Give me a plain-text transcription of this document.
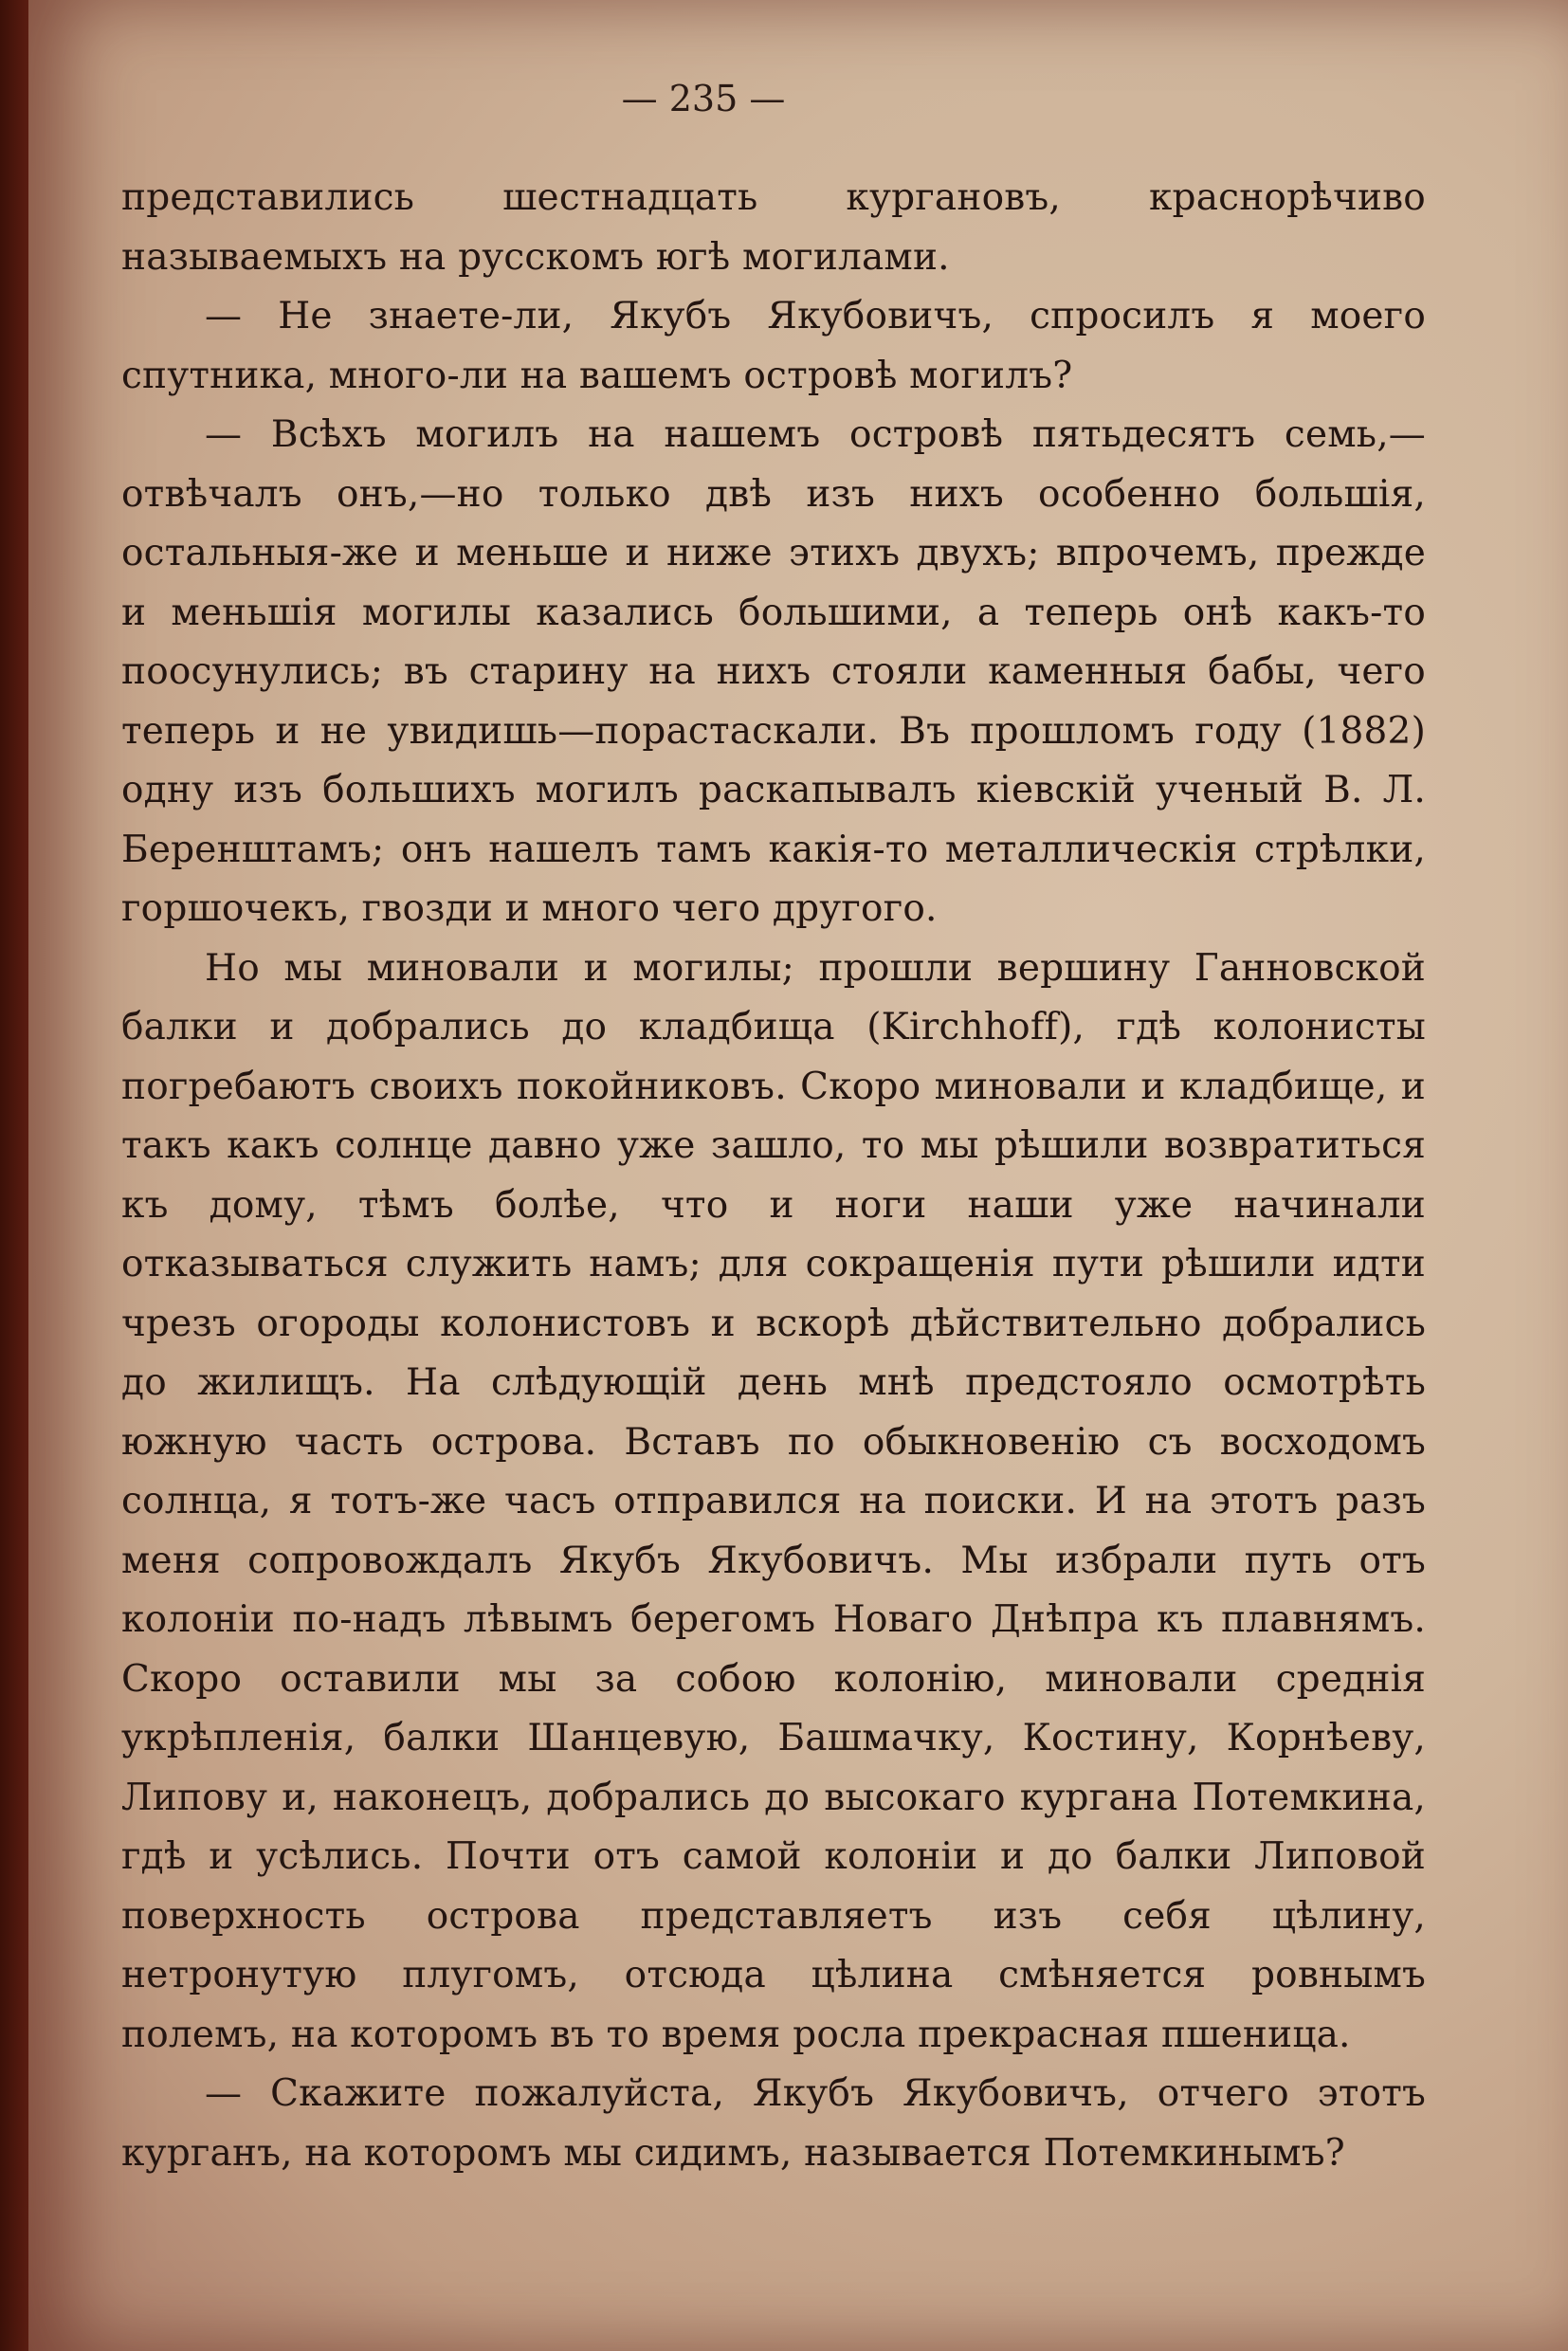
— 235 —

представились шестнадцать кургановъ, краснорѣчиво называемыхъ на русскомъ югѣ могилами.

— Не знаете-ли, Якубъ Якубовичъ, спросилъ я моего спутника, много-ли на вашемъ островѣ могилъ?

— Всѣхъ могилъ на нашемъ островѣ пятьдесятъ семь,—отвѣчалъ онъ,—но только двѣ изъ нихъ особенно большія, остальныя-же и меньше и ниже этихъ двухъ; впрочемъ, прежде и меньшія могилы казались большими, а теперь онѣ какъ-то поосунулись; въ старину на нихъ стояли каменныя бабы, чего теперь и не увидишь—порастаскали. Въ прошломъ году (1882) одну изъ большихъ могилъ раскапывалъ кіевскій ученый В. Л. Беренштамъ; онъ нашелъ тамъ какія-то металлическія стрѣлки, горшочекъ, гвозди и много чего другого.

Но мы миновали и могилы; прошли вершину Ганновской балки и добрались до кладбища (Kirchhoff), гдѣ колонисты погребаютъ своихъ покойниковъ. Скоро миновали и кладбище, и такъ какъ солнце давно уже зашло, то мы рѣшили возвратиться къ дому, тѣмъ болѣе, что и ноги наши уже начинали отказываться служить намъ; для сокращенія пути рѣшили идти чрезъ огороды колонистовъ и вскорѣ дѣйствительно добрались до жилищъ. На слѣдующій день мнѣ предстояло осмотрѣть южную часть острова. Вставъ по обыкновенію съ восходомъ солнца, я тотъ-же часъ отправился на поиски. И на этотъ разъ меня сопровождалъ Якубъ Якубовичъ. Мы избрали путь отъ колоніи по-надъ лѣвымъ берегомъ Новаго Днѣпра къ плавнямъ. Скоро оставили мы за собою колонію, миновали среднія укрѣпленія, балки Шанцевую, Башмачку, Костину, Корнѣеву, Липову и, наконецъ, добрались до высокаго кургана Потемкина, гдѣ и усѣлись. Почти отъ самой колоніи и до балки Липовой поверхность острова представляетъ изъ себя цѣлину, нетронутую плугомъ, отсюда цѣлина смѣняется ровнымъ полемъ, на которомъ въ то время росла прекрасная пшеница.

— Скажите пожалуйста, Якубъ Якубовичъ, отчего этотъ курганъ, на которомъ мы сидимъ, называется Потемкинымъ?
